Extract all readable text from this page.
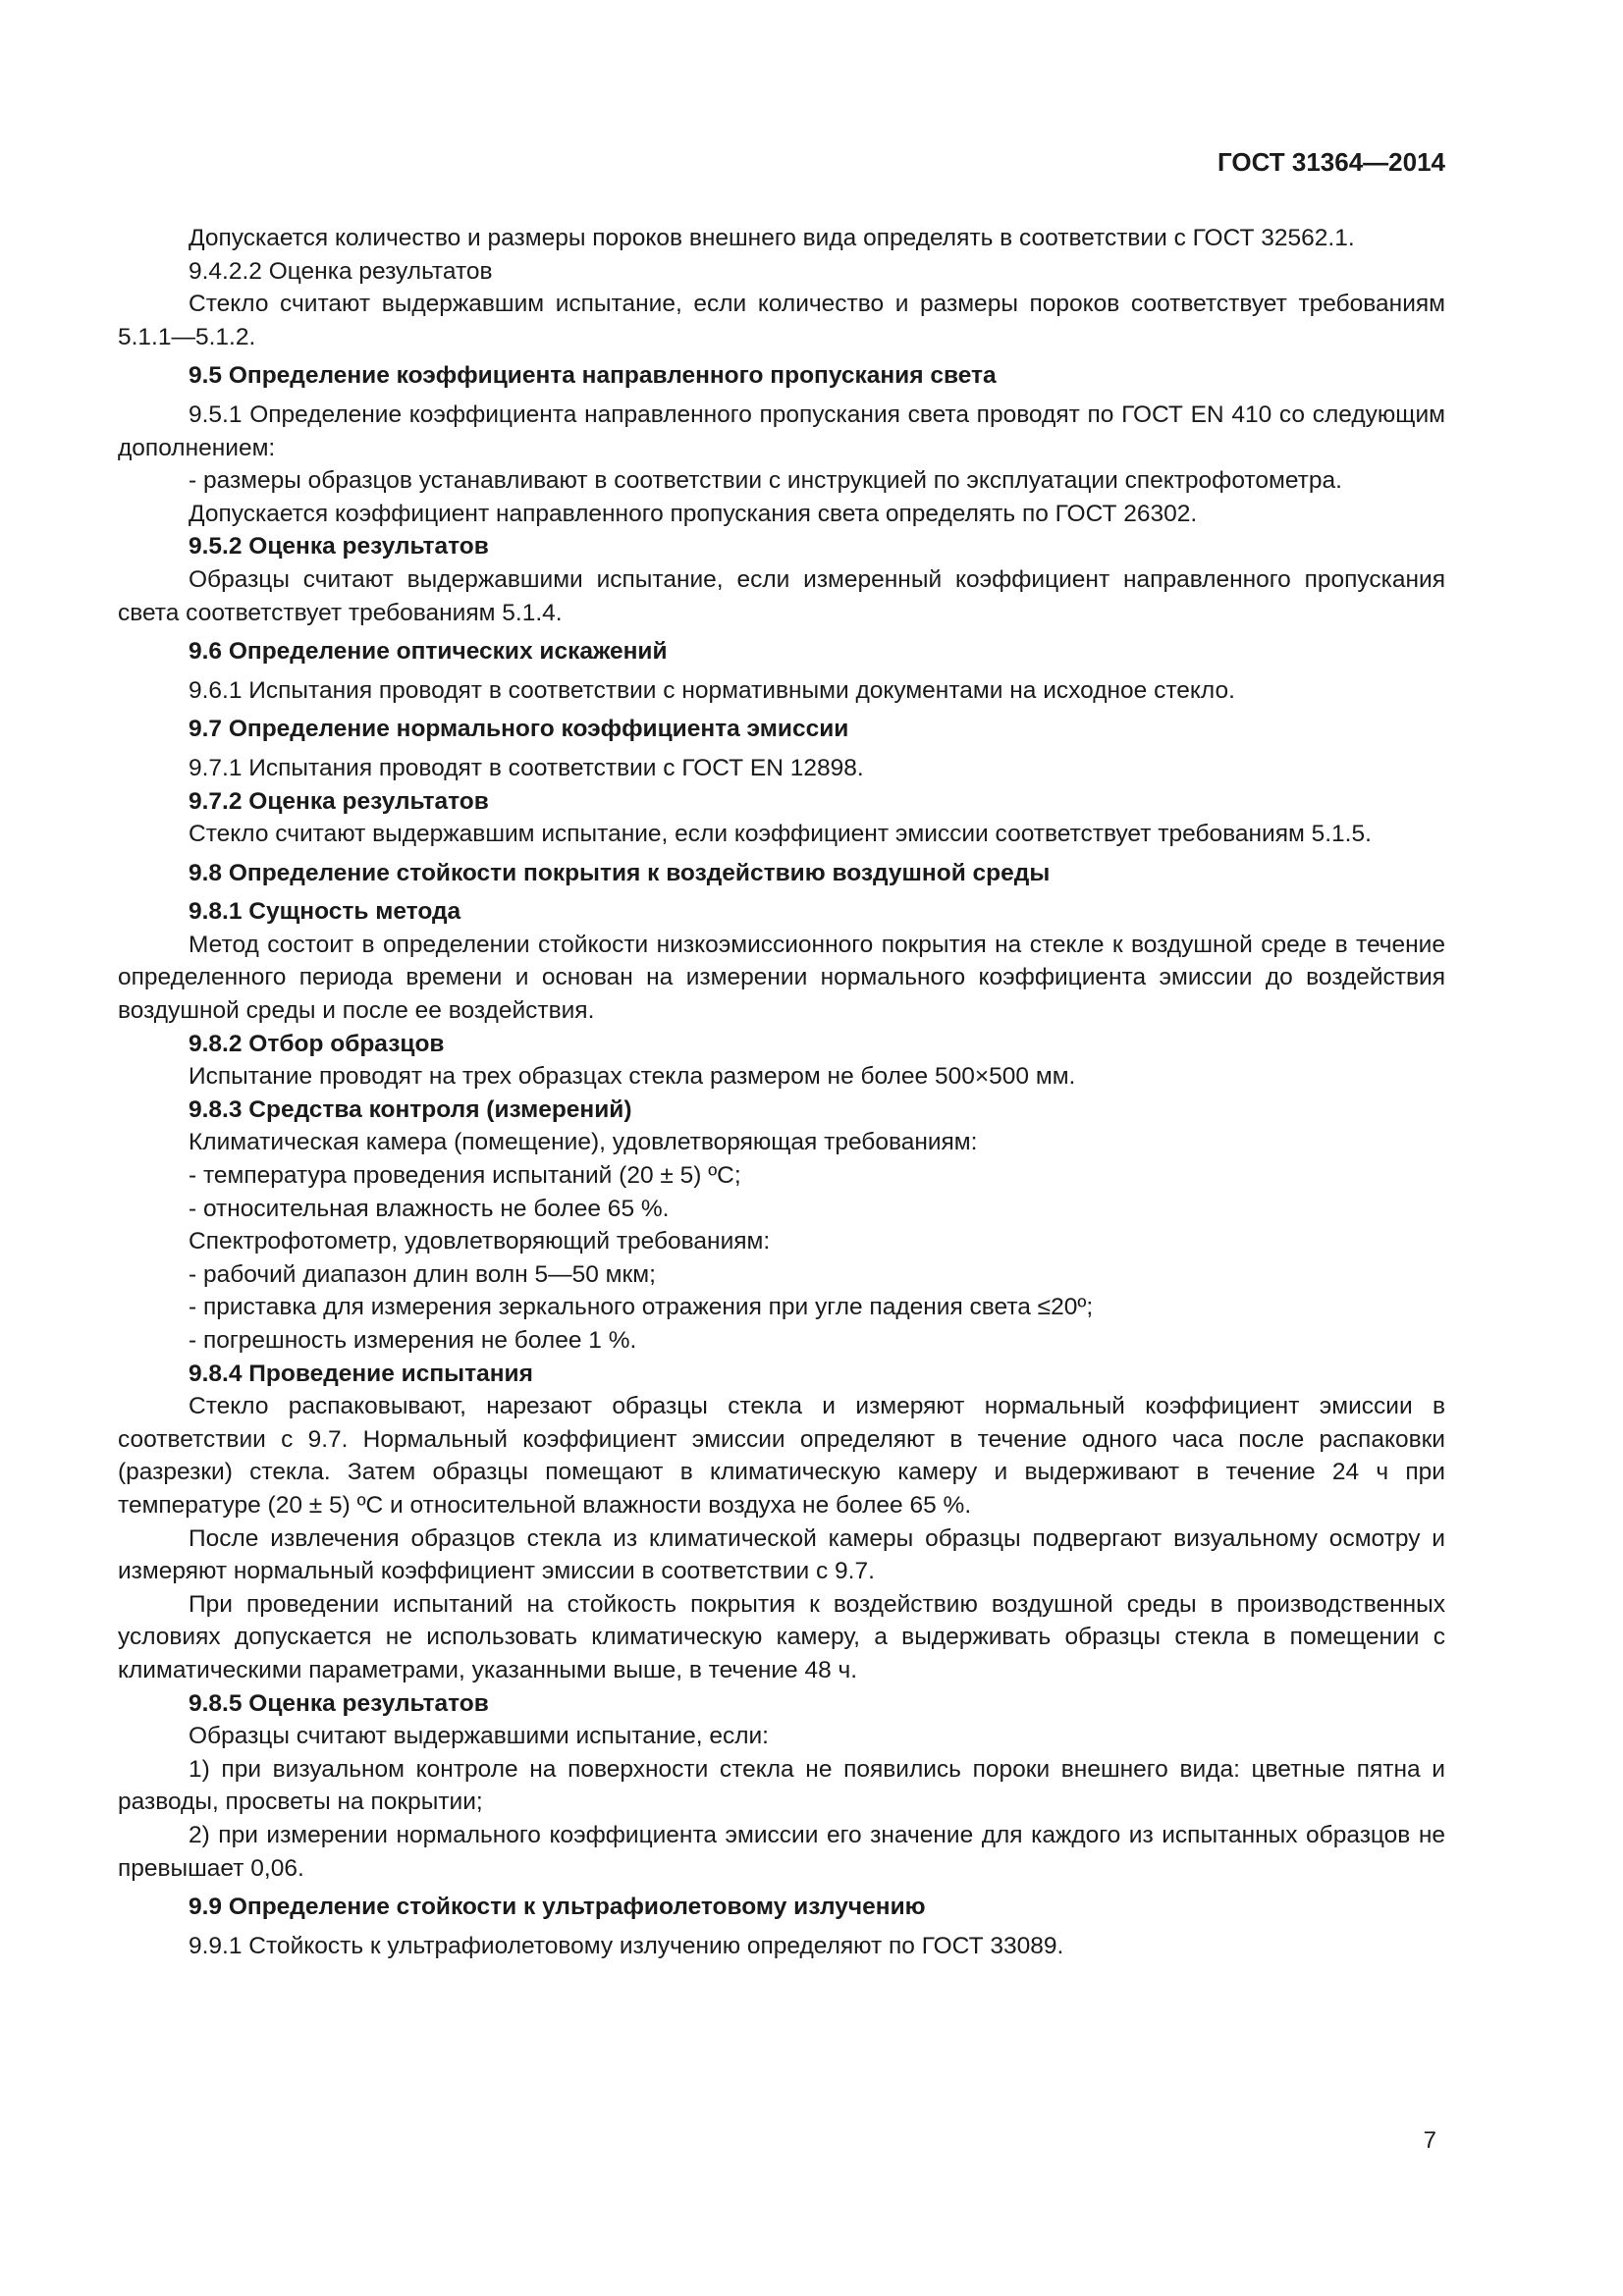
ГОСТ 31364—2014

Допускается количество и размеры пороков внешнего вида определять в соответствии с ГОСТ 32562.1.

9.4.2.2 Оценка результатов

Стекло считают выдержавшим испытание, если количество и размеры пороков соответствует требованиям 5.1.1—5.1.2.

9.5 Определение коэффициента направленного пропускания света

9.5.1 Определение коэффициента направленного пропускания света проводят по ГОСТ EN 410 со следующим дополнением:

- размеры образцов устанавливают в соответствии с инструкцией по эксплуатации спектрофотометра.

Допускается коэффициент направленного пропускания света определять по ГОСТ 26302.

9.5.2 Оценка результатов

Образцы считают выдержавшими испытание, если измеренный коэффициент направленного пропускания света соответствует требованиям 5.1.4.

9.6 Определение оптических искажений

9.6.1 Испытания проводят в соответствии с нормативными документами на исходное стекло.

9.7 Определение нормального коэффициента эмиссии

9.7.1 Испытания проводят в соответствии с ГОСТ EN 12898.

9.7.2 Оценка результатов

Стекло считают выдержавшим испытание, если коэффициент эмиссии соответствует требованиям 5.1.5.

9.8 Определение стойкости покрытия к воздействию воздушной среды

9.8.1 Сущность метода

Метод состоит в определении стойкости низкоэмиссионного покрытия на стекле к воздушной среде в течение определенного периода времени и основан на измерении нормального коэффициента эмиссии до воздействия воздушной среды и после ее воздействия.

9.8.2 Отбор образцов

Испытание проводят на трех образцах стекла размером не более 500×500 мм.

9.8.3 Средства контроля (измерений)

Климатическая камера (помещение), удовлетворяющая требованиям:

- температура проведения испытаний (20 ± 5) ºС;

- относительная влажность не более 65 %.

Спектрофотометр, удовлетворяющий требованиям:

- рабочий диапазон длин волн 5—50 мкм;

- приставка для измерения зеркального отражения при угле падения света ≤20º;

- погрешность измерения не более 1 %.

9.8.4 Проведение испытания

Стекло распаковывают, нарезают образцы стекла и измеряют нормальный коэффициент эмиссии в соответствии с 9.7. Нормальный коэффициент эмиссии определяют в течение одного часа после распаковки (разрезки) стекла. Затем образцы помещают в климатическую камеру и выдерживают в течение 24 ч при температуре (20 ± 5) ºС и относительной влажности воздуха не более 65 %.

После извлечения образцов стекла из климатической камеры образцы подвергают визуальному осмотру и измеряют нормальный коэффициент эмиссии в соответствии с 9.7.

При проведении испытаний на стойкость покрытия к воздействию воздушной среды в производственных условиях допускается не использовать климатическую камеру, а выдерживать образцы стекла в помещении с климатическими параметрами, указанными выше, в течение 48 ч.

9.8.5 Оценка результатов

Образцы считают выдержавшими испытание, если:

1) при визуальном контроле на поверхности стекла не появились пороки внешнего вида: цветные пятна и разводы, просветы на покрытии;

2) при измерении нормального коэффициента эмиссии его значение для каждого из испытанных образцов не превышает 0,06.

9.9 Определение стойкости к ультрафиолетовому излучению

9.9.1 Стойкость к ультрафиолетовому излучению определяют по ГОСТ 33089.

7
